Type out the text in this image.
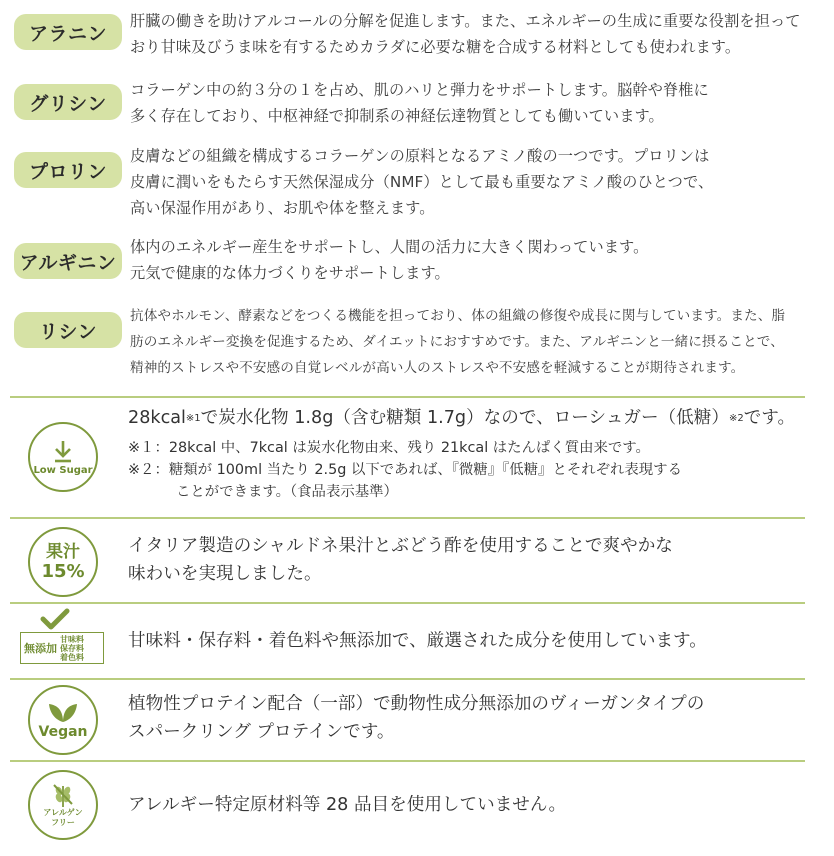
アラニン
肝臓の働きを助けアルコールの分解を促進します。また、エネルギーの生成に重要な役割を担って
おり甘味及びうま味を有するためカラダに必要な糖を合成する材料としても使われます。
グリシン
コラーゲン中の約３分の１を占め、肌のハリと弾力をサポートします。脳幹や脊椎に
多く存在しており、中枢神経で抑制系の神経伝達物質としても働いています。
プロリン
皮膚などの組織を構成するコラーゲンの原料となるアミノ酸の一つです。プロリンは
皮膚に潤いをもたらす天然保湿成分（NMF）として最も重要なアミノ酸のひとつで、
高い保湿作用があり、お肌や体を整えます。
アルギニン
体内のエネルギー産生をサポートし、人間の活力に大きく関わっています。
元気で健康的な体力づくりをサポートします。
リシン
抗体やホルモン、酵素などをつくる機能を担っており、体の組織の修復や成長に関与しています。また、脂
肪のエネルギー変換を促進するため、ダイエットにおすすめです。また、アルギニンと一緒に摂ることで、
精神的ストレスや不安感の自覚レベルが高い人のストレスや不安感を軽減することが期待されます。
Low Sugar
28kcal$^{※1}$で炭水化物 1.8g（含む糖類 1.7g）なので、ローシュガー（低糖）$^{※2}$です。
※１：28kcal 中、7kcal は炭水化物由来、残り 21kcal はたんぱく質由来です。
※２：糖類が 100ml 当たり 2.5g 以下であれば、『微糖』『低糖』とそれぞれ表現する
ことができます。（食品表示基準）
果汁
15%
イタリア製造のシャルドネ果汁とぶどう酢を使用することで爽やかな
味わいを実現しました。
無添加
甘味料
保存料
着色料
甘味料・保存料・着色料や無添加で、厳選された成分を使用しています。
Vegan
植物性プロテイン配合（一部）で動物性成分無添加のヴィーガンタイプの
スパークリング プロテインです。
アレルゲン
フリー
アレルギー特定原材料等 28 品目を使用していません。
